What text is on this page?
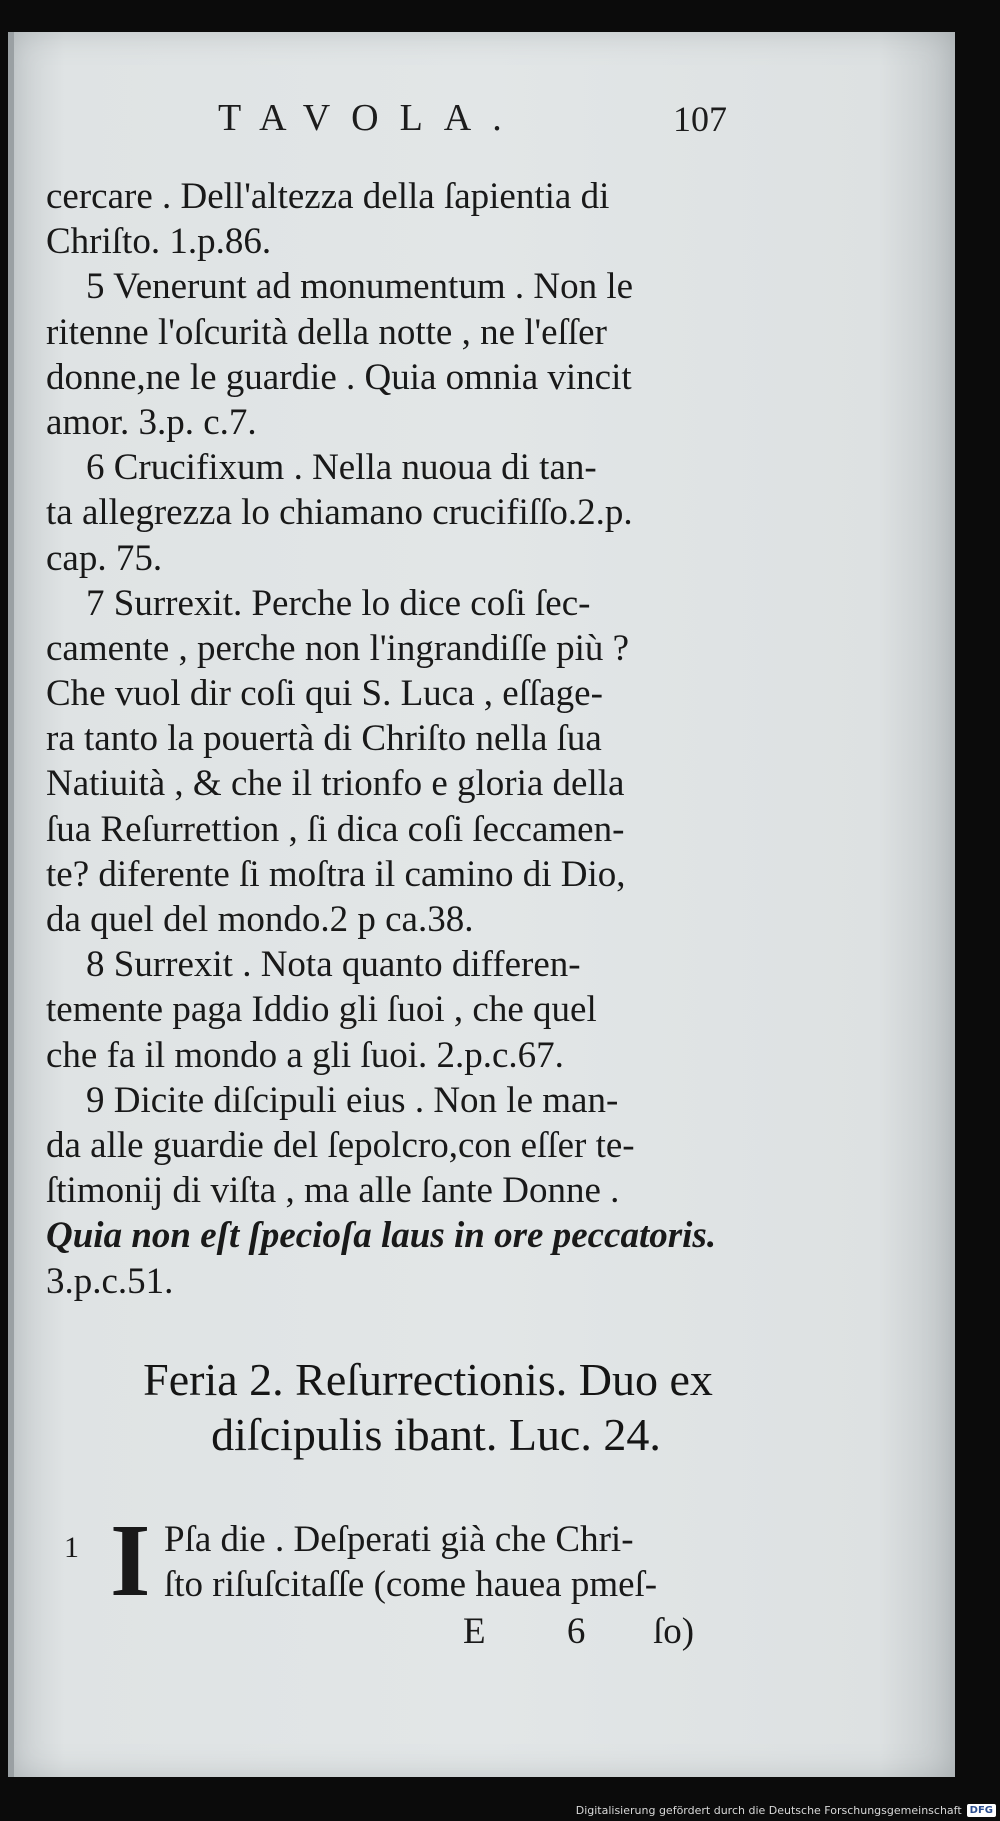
TAVOLA.	107
cercare . Dell'altezza della ſapientia di
Chriſto. 1.p.86.
5 Venerunt ad monumentum . Non le
ritenne l'oſcurità della notte , ne l'eſſer
donne,ne le guardie . Quia omnia vincit
amor. 3.p. c.7.
6 Crucifixum . Nella nuoua di tan-
ta allegrezza lo chiamano crucifiſſo.2.p.
cap. 75.
7 Surrexit. Perche lo dice coſi ſec-
camente , perche non l'ingrandiſſe più ?
Che vuol dir coſi qui S. Luca , eſſage-
ra tanto la pouertà di Chriſto nella ſua
Natiuità , & che il trionfo e gloria della
ſua Reſurrettion , ſi dica coſi ſeccamen-
te? diferente ſi moſtra il camino di Dio,
da quel del mondo.2 p ca.38.
8 Surrexit . Nota quanto differen-
temente paga Iddio gli ſuoi , che quel
che fa il mondo a gli ſuoi. 2.p.c.67.
9 Dicite diſcipuli eius . Non le man-
da alle guardie del ſepolcro,con eſſer te-
ſtimonij di viſta , ma alle ſante Donne .
Quia non eſt ſpecioſa laus in ore peccatoris.
3.p.c.51.
Feria 2. Reſurrectionis. Duo ex
diſcipulis ibant. Luc. 24.
1 I Pſa die . Deſperati già che Chri-
ſto riſuſcitaſſe (come hauea pmeſ-
E 6 ſo)
Digitalisierung gefördert durch die Deutsche Forschungsgemeinschaft DFG
